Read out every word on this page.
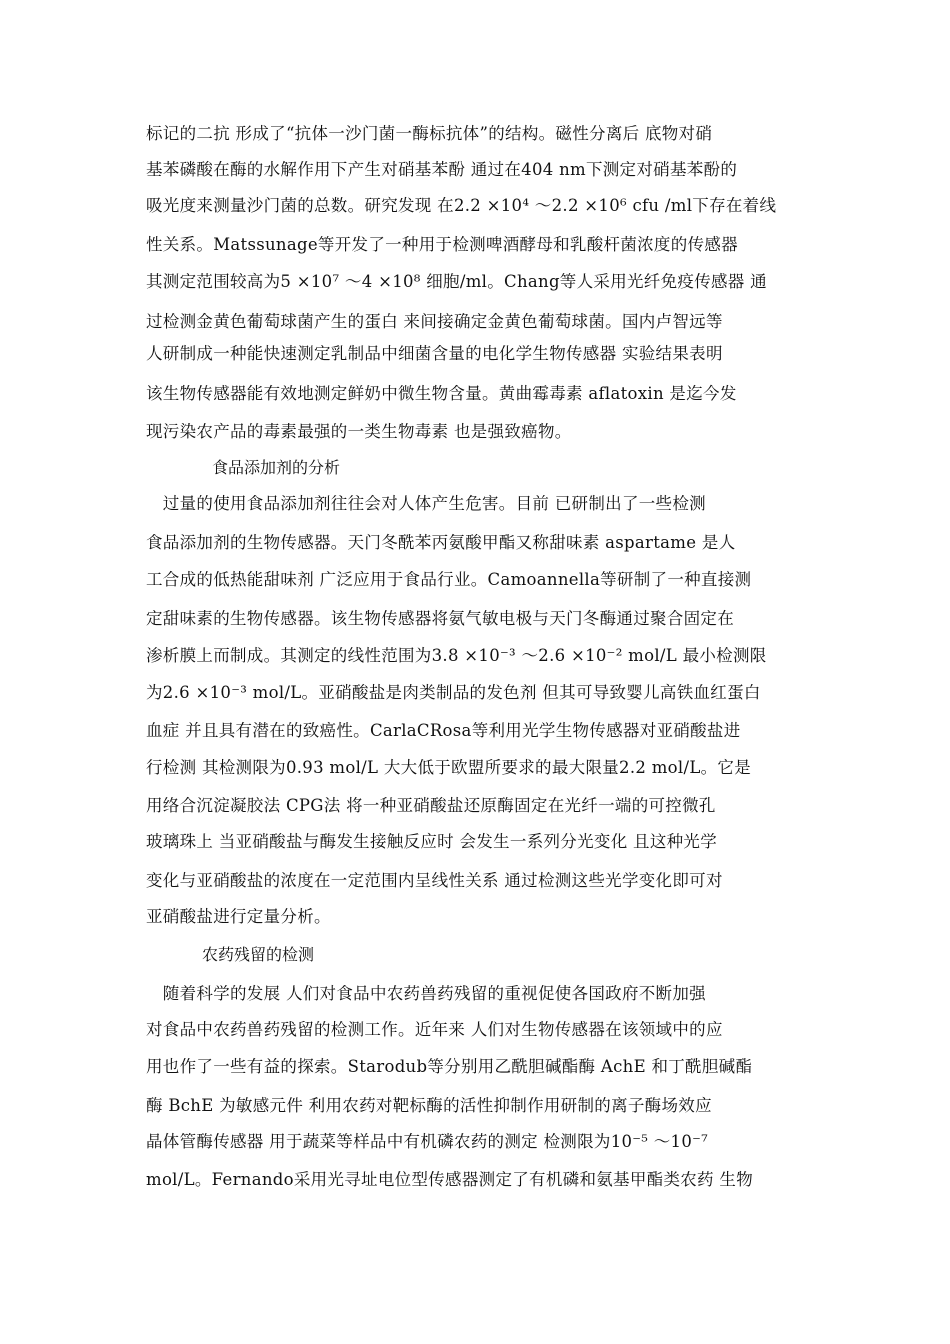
标记的二抗 形成了“抗体一沙门菌一酶标抗体”的结构。磁性分离后 底物对硝
基苯磷酸在酶的水解作用下产生对硝基苯酚 通过在404 nm下测定对硝基苯酚的
吸光度来测量沙门菌的总数。研究发现 在2.2 ×10⁴ ～2.2 ×10⁶ cfu /ml下存在着线
性关系。Matssunage等开发了一种用于检测啤酒酵母和乳酸杆菌浓度的传感器
其测定范围较高为5 ×10⁷ ～4 ×10⁸ 细胞/ml。Chang等人采用光纤免疫传感器 通
过检测金黄色葡萄球菌产生的蛋白 来间接确定金黄色葡萄球菌。国内卢智远等
人研制成一种能快速测定乳制品中细菌含量的电化学生物传感器 实验结果表明
该生物传感器能有效地测定鲜奶中微生物含量。黄曲霉毒素 aflatoxin 是迄今发
现污染农产品的毒素最强的一类生物毒素 也是强致癌物。
食品添加剂的分析
　过量的使用食品添加剂往往会对人体产生危害。目前 已研制出了一些检测
食品添加剂的生物传感器。天门冬酰苯丙氨酸甲酯又称甜味素 aspartame 是人
工合成的低热能甜味剂 广泛应用于食品行业。Camoannella等研制了一种直接测
定甜味素的生物传感器。该生物传感器将氨气敏电极与天门冬酶通过聚合固定在
渗析膜上而制成。其测定的线性范围为3.8 ×10⁻³ ～2.6 ×10⁻² mol/L 最小检测限
为2.6 ×10⁻³ mol/L。亚硝酸盐是肉类制品的发色剂 但其可导致婴儿高铁血红蛋白
血症 并且具有潜在的致癌性。CarlaCRosa等利用光学生物传感器对亚硝酸盐进
行检测 其检测限为0.93 mol/L 大大低于欧盟所要求的最大限量2.2 mol/L。它是
用络合沉淀凝胶法 CPG法 将一种亚硝酸盐还原酶固定在光纤一端的可控微孔
玻璃珠上 当亚硝酸盐与酶发生接触反应时 会发生一系列分光变化 且这种光学
变化与亚硝酸盐的浓度在一定范围内呈线性关系 通过检测这些光学变化即可对
亚硝酸盐进行定量分析。
农药残留的检测
　随着科学的发展 人们对食品中农药兽药残留的重视促使各国政府不断加强
对食品中农药兽药残留的检测工作。近年来 人们对生物传感器在该领域中的应
用也作了一些有益的探索。Starodub等分别用乙酰胆碱酯酶 AchE 和丁酰胆碱酯
酶 BchE 为敏感元件 利用农药对靶标酶的活性抑制作用研制的离子酶场效应
晶体管酶传感器 用于蔬菜等样品中有机磷农药的测定 检测限为10⁻⁵ ～10⁻⁷
mol/L。Fernando采用光寻址电位型传感器测定了有机磷和氨基甲酯类农药 生物
